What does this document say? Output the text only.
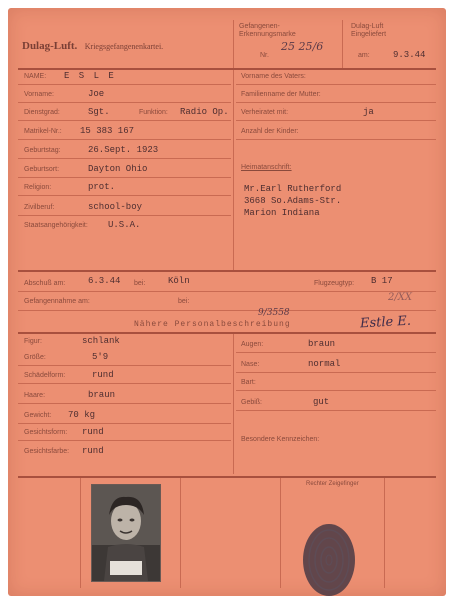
Dulag-Luft. Kriegsgefangenenkartei.
Gefangenen-
Erkennungsmarke
Nr.
25 25/6
Dulag-Luft
Eingeliefert
am:	9.3.44
NAME: E S L E
Vorname:	Joe
Dienstgrad:	Sgt.	Funktion: Radio Op.
Matrikel-Nr.: 15 383 167
Geburtstag:	26.Sept. 1923
Geburtsort:	Dayton Ohio
Religion:	prot.
Zivilberuf:	school-boy
Staatsangehörigkeit: U.S.A.
Vorname des Vaters:
Familienname der Mutter:
Verheiratet mit:	ja
Anzahl der Kinder:
Heimatanschrift:
Mr.Earl Rutherford
3668 So.Adams-Str.
Marion Indiana
Abschuß am:	6.3.44 bei:	Köln	Flugzeugtyp: B 17
Gefangennahme am:	bei:	2/XX
9/3558
Nähere Personalbeschreibung	Estle E.
Figur:	schlank
Größe:	5'9
Schädelform:	rund
Haare:	braun
Gewicht: 70 kg
Gesichtsform: rund
Gesichtsfarbe: rund
Augen:	braun
Nase:	normal
Bart:
Gebiß:	gut
Besondere Kennzeichen:
Rechter Zeigefinger
